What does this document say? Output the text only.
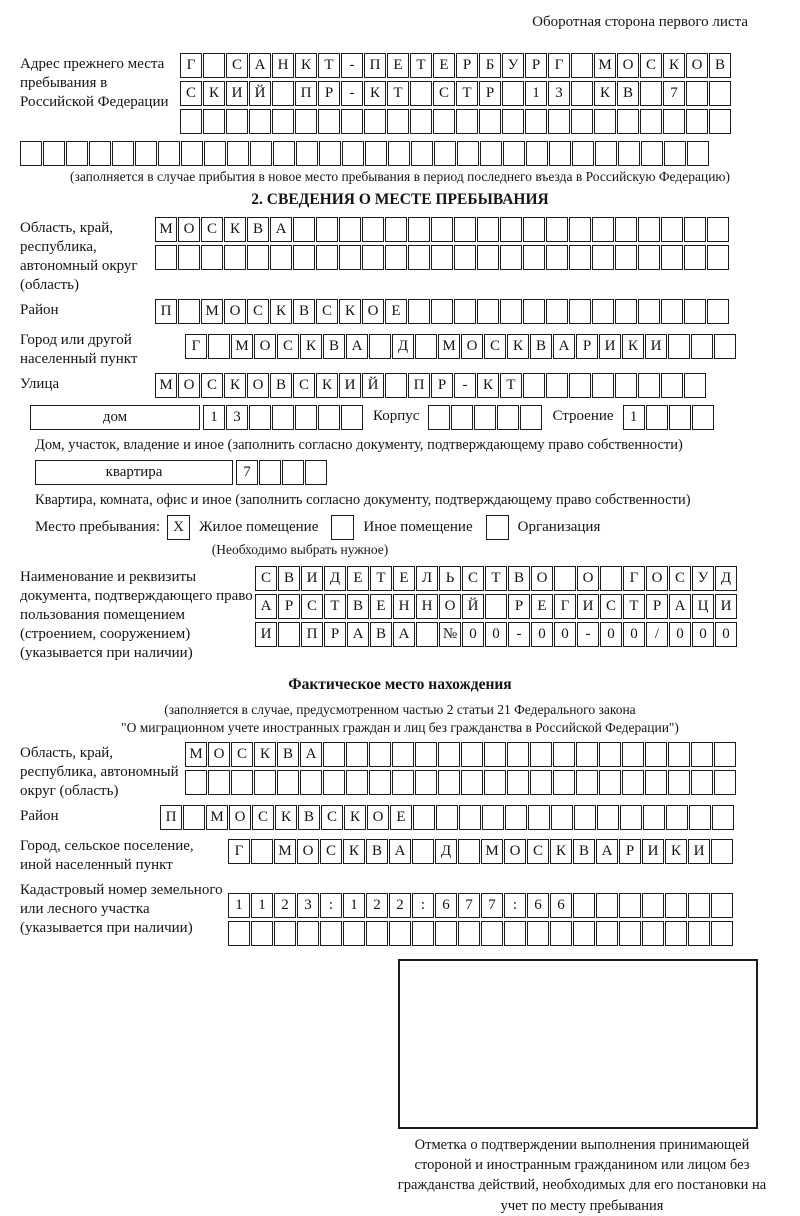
Оборотная сторона первого листа
Адрес прежнего места пребывания в Российской Федерации
Г	С А Н К Т	-	П Е Т Е Р Б У Р Г	М О С К О В
С К И Й	П Р	-	К Т	С Т Р	1	3	К В	7
(заполняется в случае прибытия в новое место пребывания в период последнего въезда в Российскую Федерацию)
2. СВЕДЕНИЯ О МЕСТЕ ПРЕБЫВАНИЯ
Область, край, республика, автономный округ (область)
М О С К В А
Район	П	М О С К В С К О Е
Город или другой населенный пункт
Г	М О С К В А	Д	М О С К В А Р И К И
Улица	М О С К О В С К И Й	П Р	-	К Т
дом	1	3	Корпус	Строение	1
Дом, участок, владение и иное (заполнить согласно документу, подтверждающему право собственности)
квартира	7
Квартира, комната, офис и иное (заполнить согласно документу, подтверждающему право собственности)
Место пребывания: X	Жилое помещение	Иное помещение	Организация
(Необходимо выбрать нужное)
Наименование и реквизиты документа, подтверждающего право пользования помещением (строением, сооружением) (указывается при наличии)
С В И Д Е Т Е Л Ь С Т В О	О	Г О С У Д
А Р С Т В Е Н Н О Й	Р Е Г И С Т Р А Ц И
И	П Р А В А	№ 0	0	-	0	0	-	0	0	/	0	0	0
Фактическое место нахождения
(заполняется в случае, предусмотренном частью 2 статьи 21 Федерального закона
"О миграционном учете иностранных граждан и лиц без гражданства в Российской Федерации")
Область, край, республика, автономный округ (область)
М О С К В А
Район	П	М О С К В С К О Е
Город, сельское поселение, иной населенный пункт
Г	М О С К В А	Д	М О С К В А Р И К И
Кадастровый номер земельного или лесного участка (указывается при наличии)
1	1	2	3	:	1	2	2	:	6	7	7	:	6	6
Отметка о подтверждении выполнения принимающей стороной и иностранным гражданином или лицом без гражданства действий, необходимых для его постановки на учет по месту пребывания
